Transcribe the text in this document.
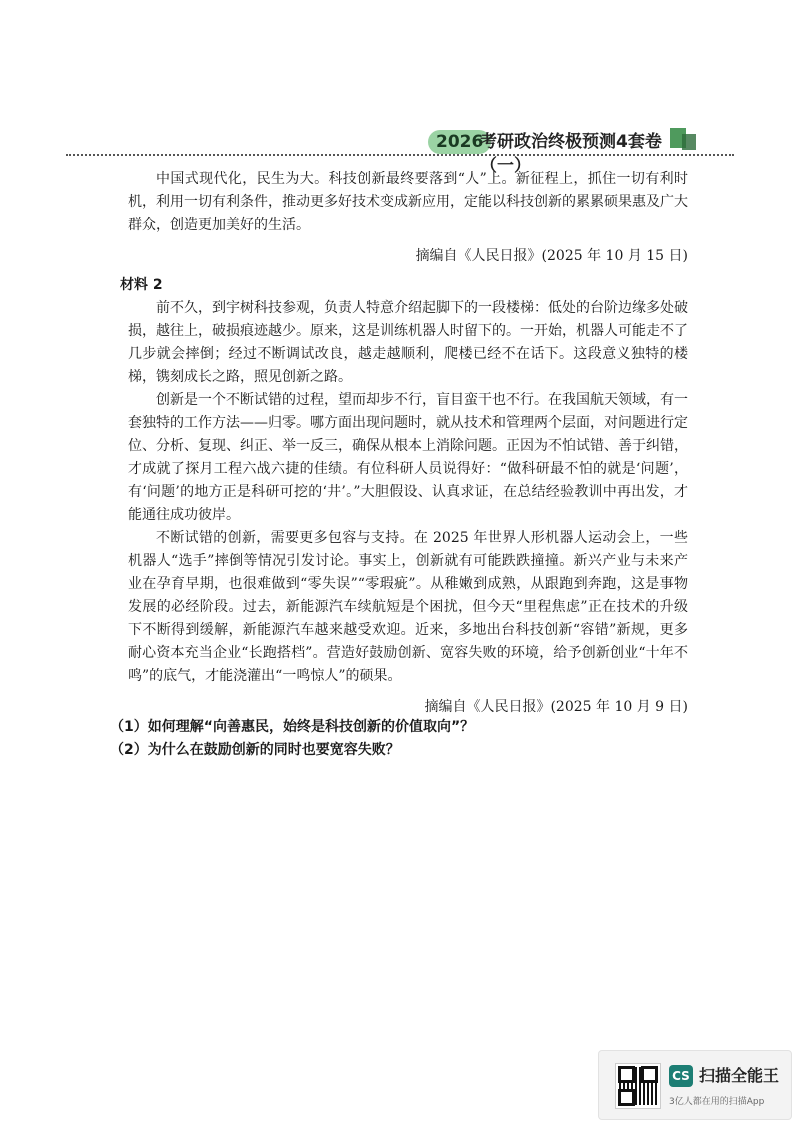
2026
考研政治终极预测4套卷（一）

中国式现代化，民生为大。科技创新最终要落到“人”上。新征程上，抓住一切有利时机，利用一切有利条件，推动更多好技术变成新应用，定能以科技创新的累累硕果惠及广大群众，创造更加美好的生活。

摘编自《人民日报》(2025 年 10 月 15 日)
材料 2

前不久，到宇树科技参观，负责人特意介绍起脚下的一段楼梯：低处的台阶边缘多处破损，越往上，破损痕迹越少。原来，这是训练机器人时留下的。一开始，机器人可能走不了几步就会摔倒；经过不断调试改良，越走越顺利，爬楼已经不在话下。这段意义独特的楼梯，镌刻成长之路，照见创新之路。

创新是一个不断试错的过程，望而却步不行，盲目蛮干也不行。在我国航天领域，有一套独特的工作方法——归零。哪方面出现问题时，就从技术和管理两个层面，对问题进行定位、分析、复现、纠正、举一反三，确保从根本上消除问题。正因为不怕试错、善于纠错，才成就了探月工程六战六捷的佳绩。有位科研人员说得好：“做科研最不怕的就是‘问题’，有‘问题’的地方正是科研可挖的‘井’。”大胆假设、认真求证，在总结经验教训中再出发，才能通往成功彼岸。

不断试错的创新，需要更多包容与支持。在 2025 年世界人形机器人运动会上，一些机器人“选手”摔倒等情况引发讨论。事实上，创新就有可能跌跌撞撞。新兴产业与未来产业在孕育早期，也很难做到“零失误”“零瑕疵”。从稚嫩到成熟，从跟跑到奔跑，这是事物发展的必经阶段。过去，新能源汽车续航短是个困扰，但今天“里程焦虑”正在技术的升级下不断得到缓解，新能源汽车越来越受欢迎。近来，多地出台科技创新“容错”新规，更多耐心资本充当企业“长跑搭档”。营造好鼓励创新、宽容失败的环境，给予创新创业“十年不鸣”的底气，才能浇灌出“一鸣惊人”的硕果。

摘编自《人民日报》(2025 年 10 月 9 日)

（1）如何理解“向善惠民，始终是科技创新的价值取向”？

（2）为什么在鼓励创新的同时也要宽容失败？

CS 扫描全能王
3亿人都在用的扫描App
